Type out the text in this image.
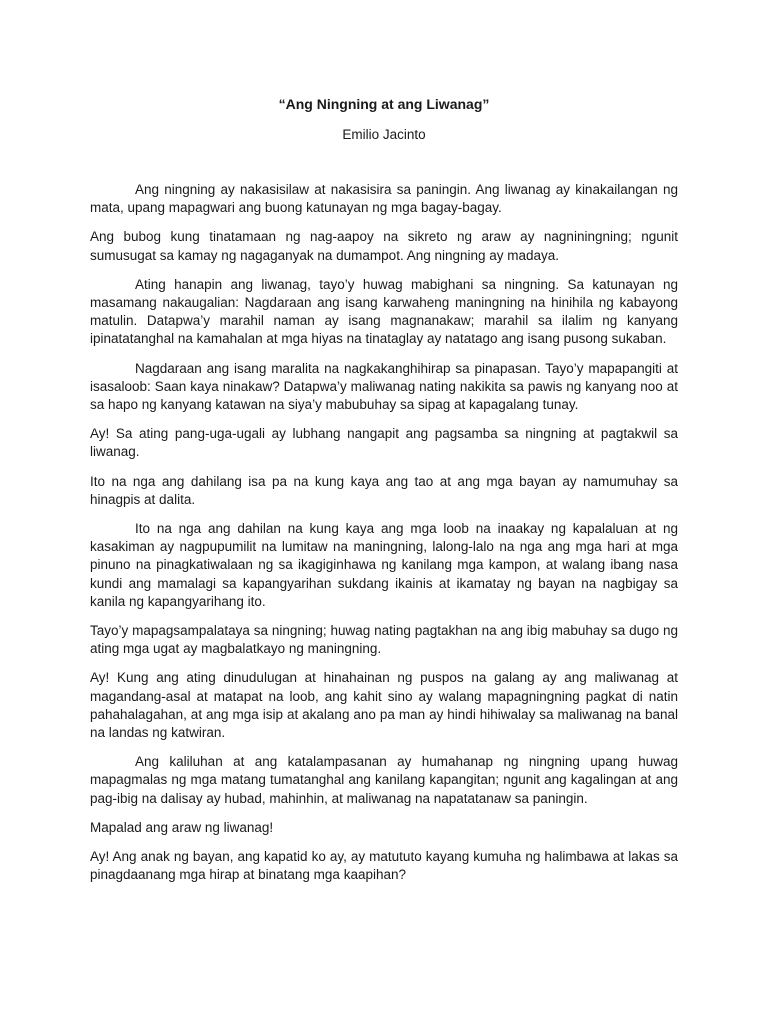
“Ang Ningning at ang Liwanag”

Emilio Jacinto

Ang ningning ay nakasisilaw at nakasisira sa paningin. Ang liwanag ay kinakailangan ng mata, upang mapagwari ang buong katunayan ng mga bagay-bagay.

Ang bubog kung tinatamaan ng nag-aapoy na sikreto ng araw ay nagniningning; ngunit sumusugat sa kamay ng nagaganyak na dumampot. Ang ningning ay madaya.

Ating hanapin ang liwanag, tayo’y huwag mabighani sa ningning. Sa katunayan ng masamang nakaugalian: Nagdaraan ang isang karwaheng maningning na hinihila ng kabayong matulin. Datapwa’y marahil naman ay isang magnanakaw; marahil sa ilalim ng kanyang ipinatatanghal na kamahalan at mga hiyas na tinataglay ay natatago ang isang pusong sukaban.

Nagdaraan ang isang maralita na nagkakanghihirap sa pinapasan. Tayo’y mapapangiti at isasaloob: Saan kaya ninakaw? Datapwa’y maliwanag nating nakikita sa pawis ng kanyang noo at sa hapo ng kanyang katawan na siya’y mabubuhay sa sipag at kapagalang tunay.

Ay! Sa ating pang-uga-ugali ay lubhang nangapit ang pagsamba sa ningning at pagtakwil sa liwanag.

Ito na nga ang dahilang isa pa na kung kaya ang tao at ang mga bayan ay namumuhay sa hinagpis at dalita.

Ito na nga ang dahilan na kung kaya ang mga loob na inaakay ng kapalaluan at ng kasakiman ay nagpupumilit na lumitaw na maningning, lalong-lalo na nga ang mga hari at mga pinuno na pinagkatiwalaan ng sa ikagiginhawa ng kanilang mga kampon, at walang ibang nasa kundi ang mamalagi sa kapangyarihan sukdang ikainis at ikamatay ng bayan na nagbigay sa kanila ng kapangyarihang ito.

Tayo’y mapagsampalataya sa ningning; huwag nating pagtakhan na ang ibig mabuhay sa dugo ng ating mga ugat ay magbalatkayo ng maningning.

Ay! Kung ang ating dinudulugan at hinahainan ng puspos na galang ay ang maliwanag at magandang-asal at matapat na loob, ang kahit sino ay walang mapagningning pagkat di natin pahahalagahan, at ang mga isip at akalang ano pa man ay hindi hihiwalay sa maliwanag na banal na landas ng katwiran.

Ang kaliluhan at ang katalampasanan ay humahanap ng ningning upang huwag mapagmalas ng mga matang tumatanghal ang kanilang kapangitan; ngunit ang kagalingan at ang pag-ibig na dalisay ay hubad, mahinhin, at maliwanag na napatatanaw sa paningin.

Mapalad ang araw ng liwanag!

Ay! Ang anak ng bayan, ang kapatid ko ay, ay matututo kayang kumuha ng halimbawa at lakas sa pinagdaanang mga hirap at binatang mga kaapihan?
